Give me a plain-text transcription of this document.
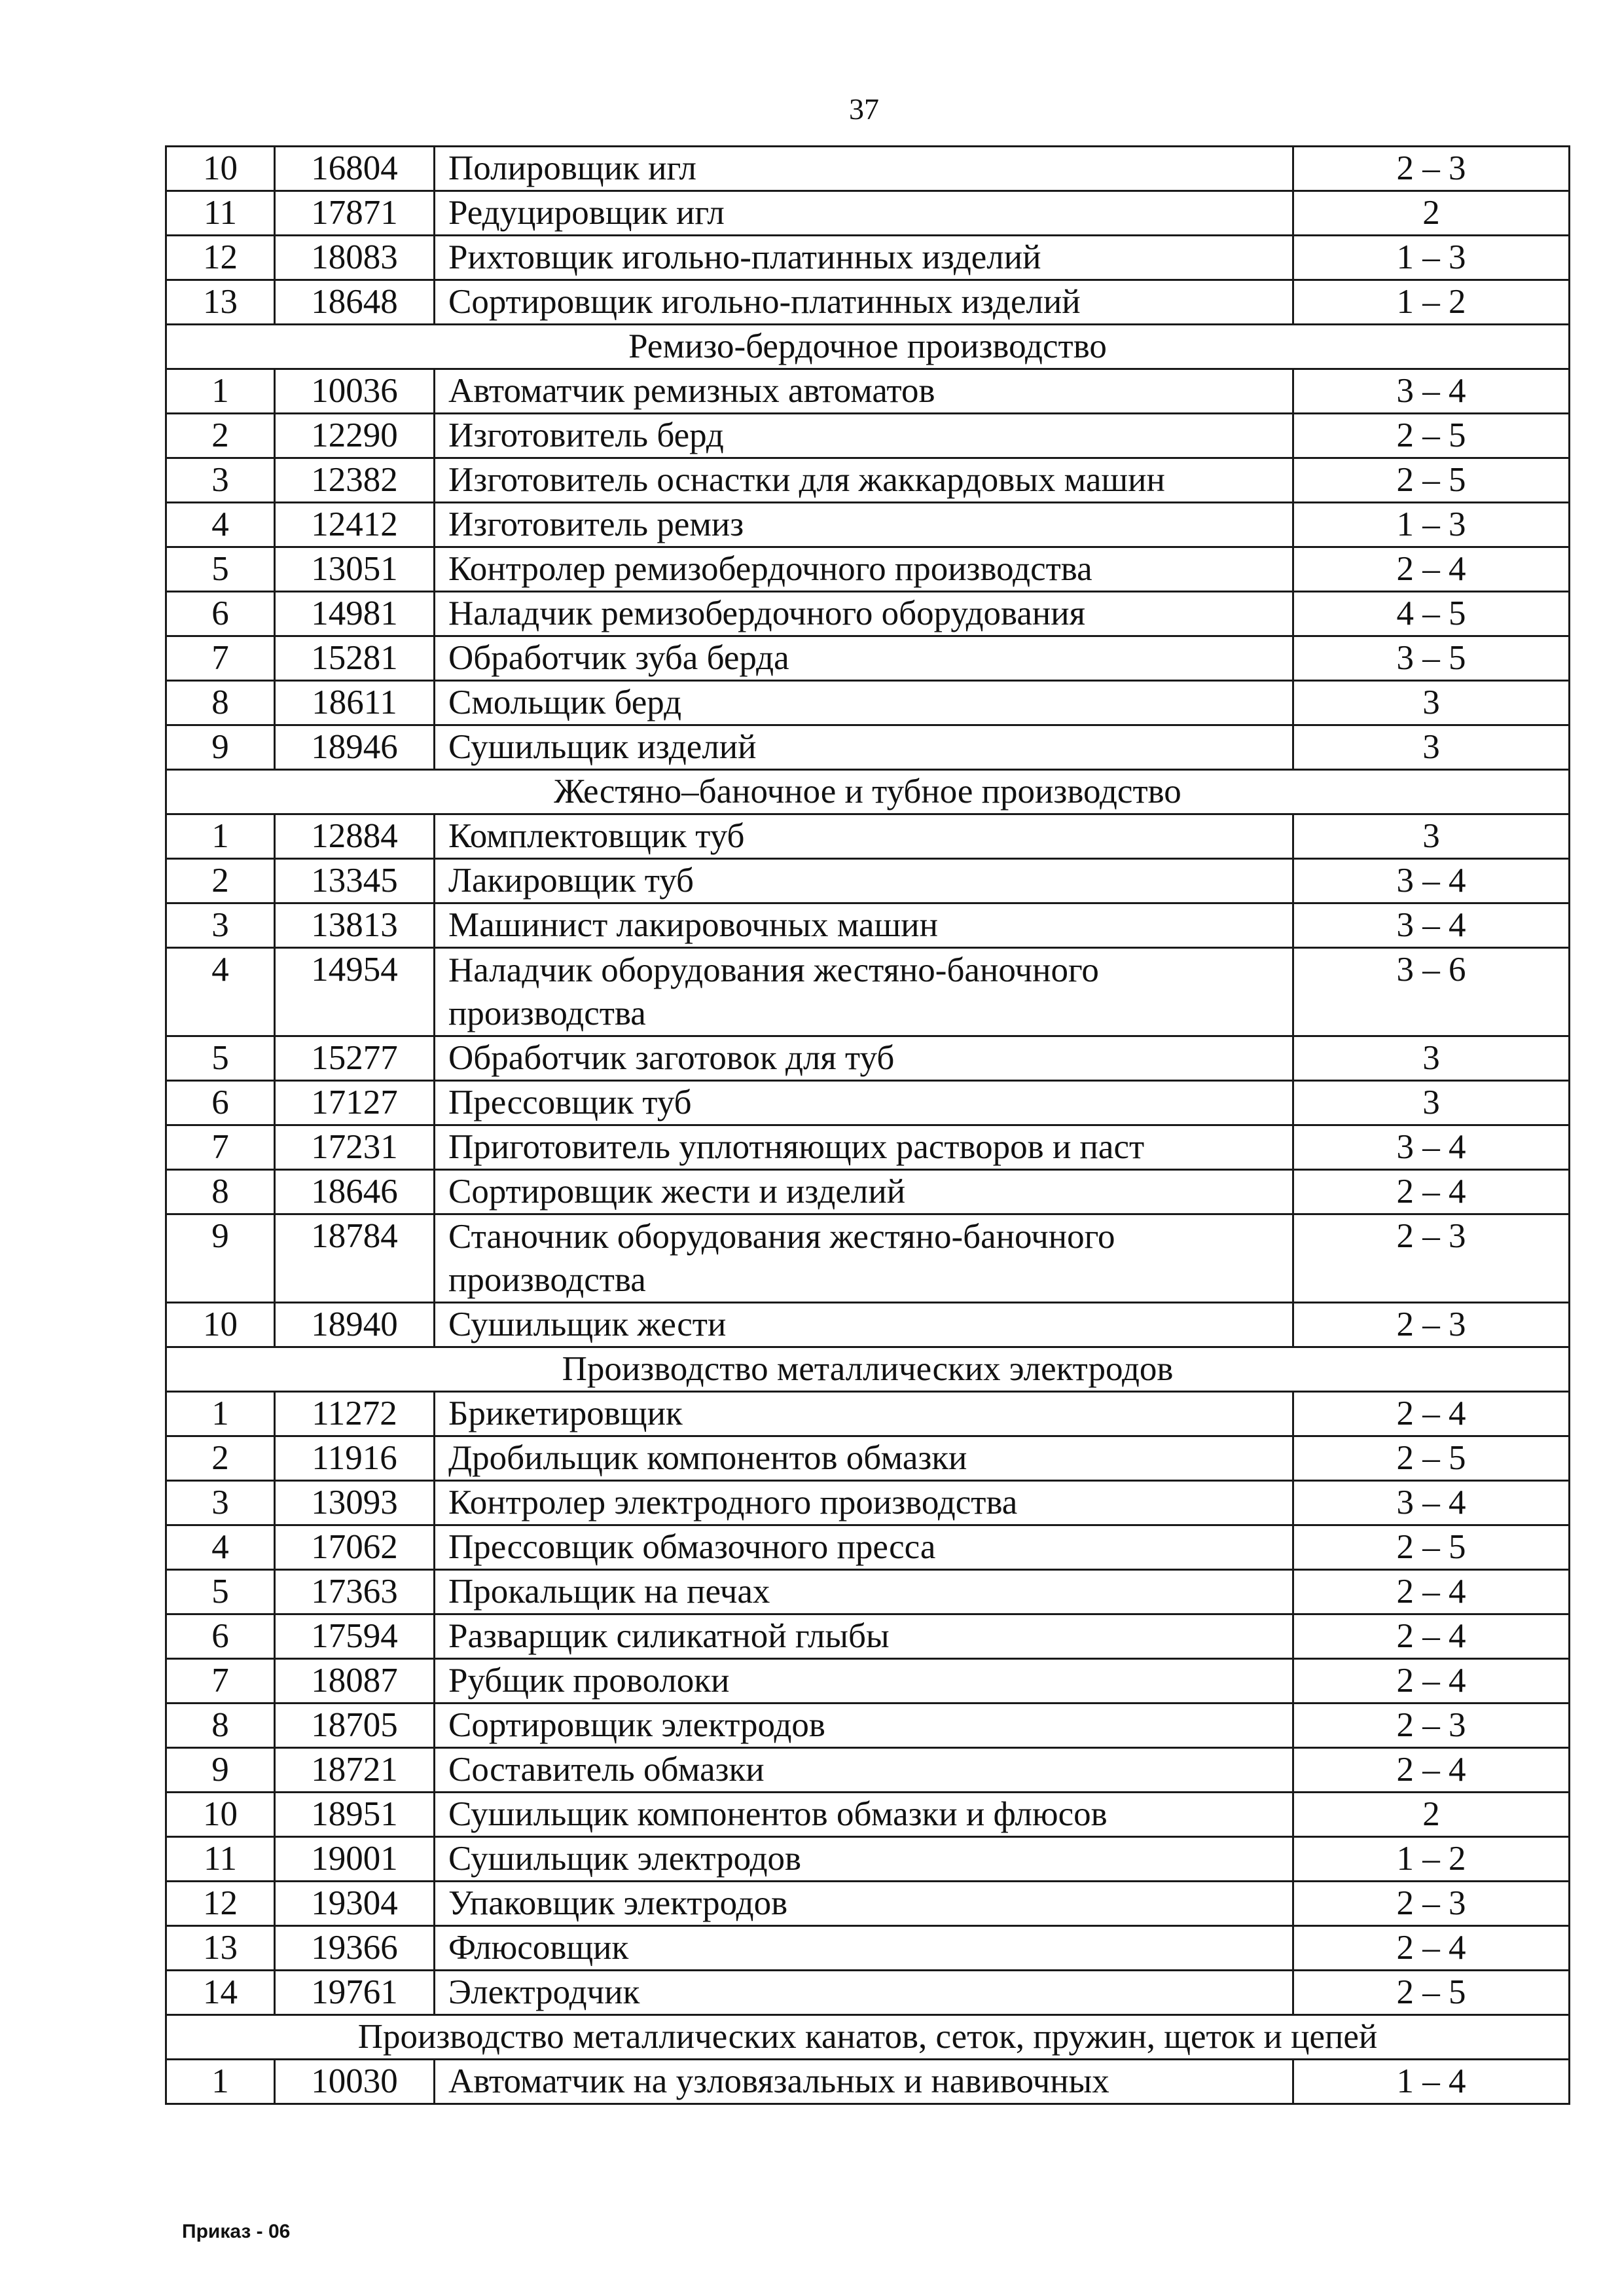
37
10	16804	Полировщик игл	2 – 3
11	17871	Редуцировщик игл	2
12	18083	Рихтовщик игольно-платинных изделий	1 – 3
13	18648	Сортировщик игольно-платинных изделий	1 – 2
Ремизо-бердочное производство			
1	10036	Автоматчик ремизных автоматов	3 – 4
2	12290	Изготовитель берд	2 – 5
3	12382	Изготовитель оснастки для жаккардовых машин	2 – 5
4	12412	Изготовитель ремиз	1 – 3
5	13051	Контролер ремизобердочного производства	2 – 4
6	14981	Наладчик ремизобердочного оборудования	4 – 5
7	15281	Обработчик зуба берда	3 – 5
8	18611	Смольщик берд	3
9	18946	Сушильщик изделий	3
Жестяно–баночное и тубное производство			
1	12884	Комплектовщик туб	3
2	13345	Лакировщик туб	3 – 4
3	13813	Машинист лакировочных машин	3 – 4
4	14954	Наладчик оборудования жестяно-баночного производства	3 – 6
5	15277	Обработчик заготовок для туб	3
6	17127	Прессовщик туб	3
7	17231	Приготовитель уплотняющих растворов и паст	3 – 4
8	18646	Сортировщик жести и изделий	2 – 4
9	18784	Станочник оборудования жестяно-баночного производства	2 – 3
10	18940	Сушильщик жести	2 – 3
Производство металлических электродов			
1	11272	Брикетировщик	2 – 4
2	11916	Дробильщик компонентов обмазки	2 – 5
3	13093	Контролер электродного производства	3 – 4
4	17062	Прессовщик обмазочного пресса	2 – 5
5	17363	Прокальщик на печах	2 – 4
6	17594	Разварщик силикатной глыбы	2 – 4
7	18087	Рубщик проволоки	2 – 4
8	18705	Сортировщик электродов	2 – 3
9	18721	Составитель обмазки	2 – 4
10	18951	Сушильщик компонентов обмазки и флюсов	2
11	19001	Сушильщик электродов	1 – 2
12	19304	Упаковщик электродов	2 – 3
13	19366	Флюсовщик	2 – 4
14	19761	Электродчик	2 – 5
Производство металлических канатов, сеток, пружин, щеток и цепей			
1	10030	Автоматчик на узловязальных и навивочных	1 – 4
Приказ - 06
